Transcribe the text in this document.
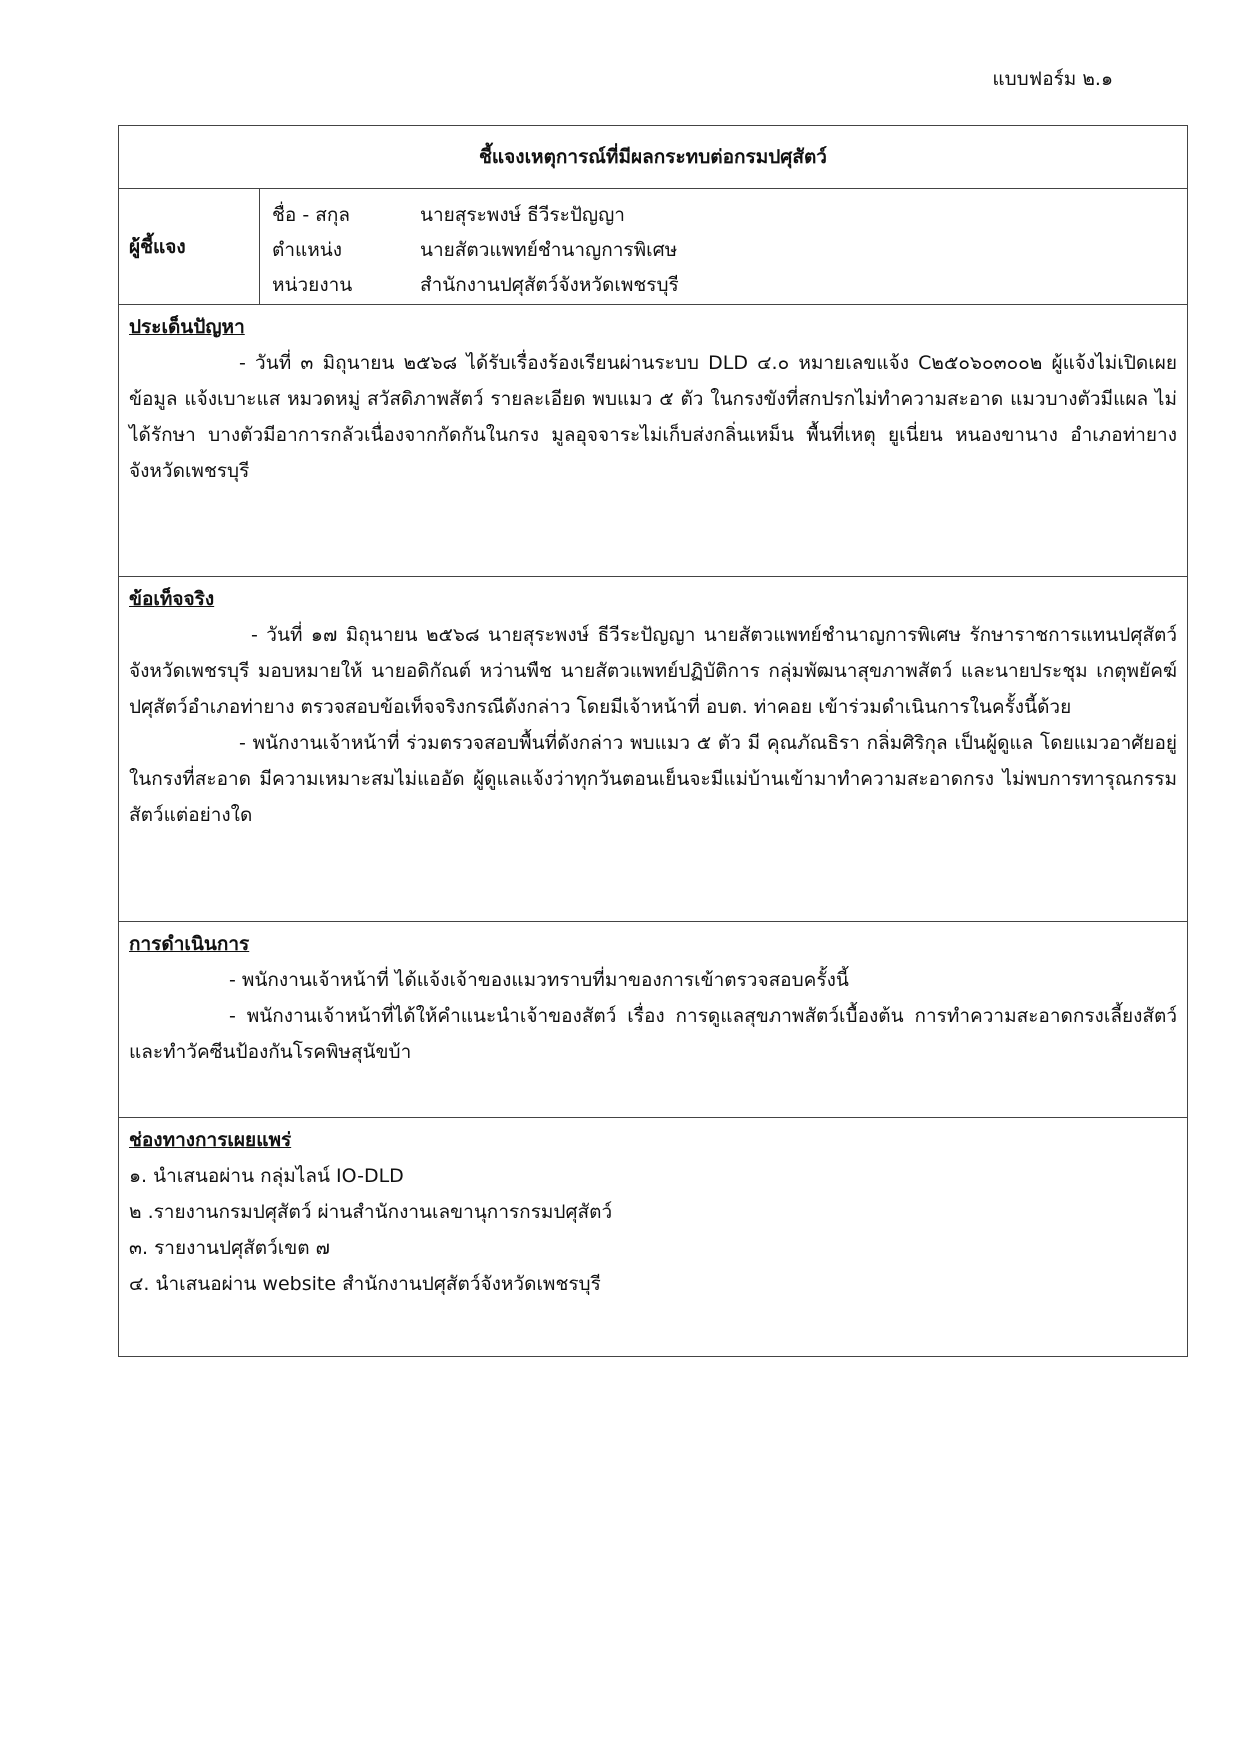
แบบฟอร์ม ๒.๑
ชี้แจงเหตุการณ์ที่มีผลกระทบต่อกรมปศุสัตว์
ผู้ชี้แจง
ชื่อ - สกุล	นายสุระพงษ์ ธีวีระปัญญา
ตำแหน่ง	นายสัตวแพทย์ชำนาญการพิเศษ
หน่วยงาน	สำนักงานปศุสัตว์จังหวัดเพชรบุรี
ประเด็นปัญหา

- วันที่ ๓ มิถุนายน ๒๕๖๘ ได้รับเรื่องร้องเรียนผ่านระบบ DLD ๔.๐ หมายเลขแจ้ง C๒๕๐๖๐๓๐๐๒ ผู้แจ้งไม่เปิดเผยข้อมูล แจ้งเบาะแส หมวดหมู่ สวัสดิภาพสัตว์ รายละเอียด พบแมว ๕ ตัว ในกรงขังที่สกปรกไม่ทำความสะอาด แมวบางตัวมีแผล ไม่ได้รักษา บางตัวมีอาการกลัวเนื่องจากกัดกันในกรง มูลอุจจาระไม่เก็บส่งกลิ่นเหม็น พื้นที่เหตุ ยูเนี่ยน หนองขานาง อำเภอท่ายาง จังหวัดเพชรบุรี

ข้อเท็จจริง

- วันที่ ๑๗ มิถุนายน ๒๕๖๘ นายสุระพงษ์ ธีวีระปัญญา นายสัตวแพทย์ชำนาญการพิเศษ รักษาราชการแทนปศุสัตว์จังหวัดเพชรบุรี มอบหมายให้ นายอดิกัณต์ หว่านพืช นายสัตวแพทย์ปฏิบัติการ กลุ่มพัฒนาสุขภาพสัตว์ และนายประชุม เกตุพยัคฆ์ ปศุสัตว์อำเภอท่ายาง ตรวจสอบข้อเท็จจริงกรณีดังกล่าว โดยมีเจ้าหน้าที่ อบต. ท่าคอย เข้าร่วมดำเนินการในครั้งนี้ด้วย

- พนักงานเจ้าหน้าที่ ร่วมตรวจสอบพื้นที่ดังกล่าว พบแมว ๕ ตัว มี คุณภัณธิรา กลิ่มศิริกุล เป็นผู้ดูแล โดยแมวอาศัยอยู่ในกรงที่สะอาด มีความเหมาะสมไม่แออัด ผู้ดูแลแจ้งว่าทุกวันตอนเย็นจะมีแม่บ้านเข้ามาทำความสะอาดกรง ไม่พบการทารุณกรรมสัตว์แต่อย่างใด

การดำเนินการ

- พนักงานเจ้าหน้าที่ ได้แจ้งเจ้าของแมวทราบที่มาของการเข้าตรวจสอบครั้งนี้

- พนักงานเจ้าหน้าที่ได้ให้คำแนะนำเจ้าของสัตว์ เรื่อง การดูแลสุขภาพสัตว์เบื้องต้น การทำความสะอาดกรงเลี้ยงสัตว์ และทำวัคซีนป้องกันโรคพิษสุนัขบ้า

ช่องทางการเผยแพร่
๑. นำเสนอผ่าน กลุ่มไลน์ IO-DLD
๒ .รายงานกรมปศุสัตว์ ผ่านสำนักงานเลขานุการกรมปศุสัตว์
๓. รายงานปศุสัตว์เขต ๗
๔. นำเสนอผ่าน website สำนักงานปศุสัตว์จังหวัดเพชรบุรี
